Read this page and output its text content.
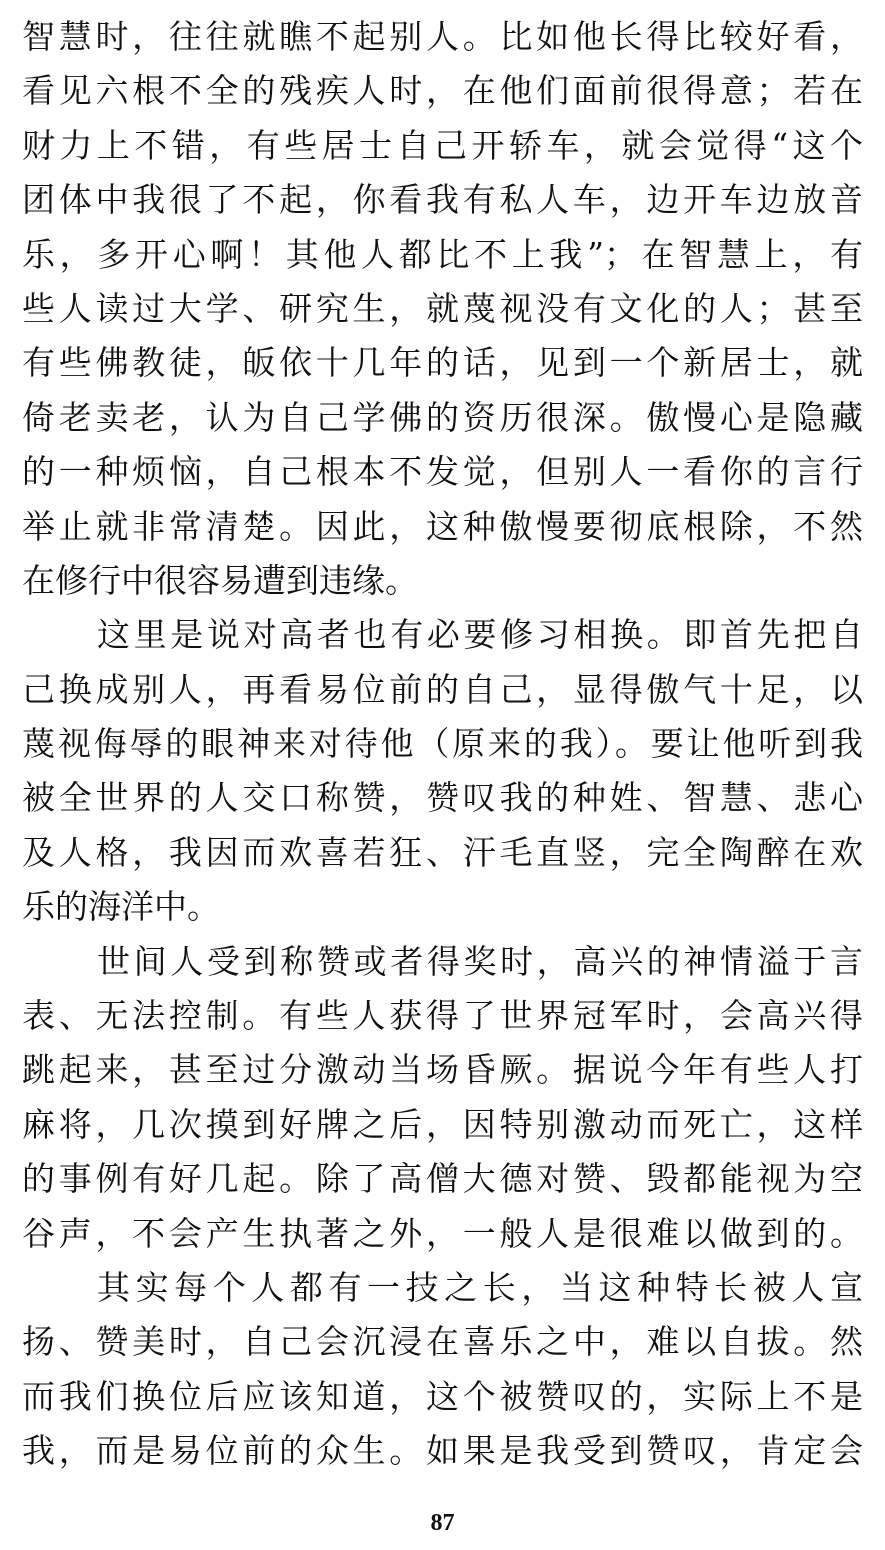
智慧时，往往就瞧不起别人。比如他长得比较好看，
看见六根不全的残疾人时，在他们面前很得意；若在
财力上不错，有些居士自己开轿车，就会觉得“这个
团体中我很了不起，你看我有私人车，边开车边放音
乐，多开心啊！其他人都比不上我”；在智慧上，有
些人读过大学、研究生，就蔑视没有文化的人；甚至
有些佛教徒，皈依十几年的话，见到一个新居士，就
倚老卖老，认为自己学佛的资历很深。傲慢心是隐藏
的一种烦恼，自己根本不发觉，但别人一看你的言行
举止就非常清楚。因此，这种傲慢要彻底根除，不然
在修行中很容易遭到违缘。
这里是说对高者也有必要修习相换。即首先把自
己换成别人，再看易位前的自己，显得傲气十足，以
蔑视侮辱的眼神来对待他（原来的我）。要让他听到我
被全世界的人交口称赞，赞叹我的种姓、智慧、悲心
及人格，我因而欢喜若狂、汗毛直竖，完全陶醉在欢
乐的海洋中。
世间人受到称赞或者得奖时，高兴的神情溢于言
表、无法控制。有些人获得了世界冠军时，会高兴得
跳起来，甚至过分激动当场昏厥。据说今年有些人打
麻将，几次摸到好牌之后，因特别激动而死亡，这样
的事例有好几起。除了高僧大德对赞、毁都能视为空
谷声，不会产生执著之外，一般人是很难以做到的。
其实每个人都有一技之长，当这种特长被人宣
扬、赞美时，自己会沉浸在喜乐之中，难以自拔。然
而我们换位后应该知道，这个被赞叹的，实际上不是
我，而是易位前的众生。如果是我受到赞叹，肯定会
87
